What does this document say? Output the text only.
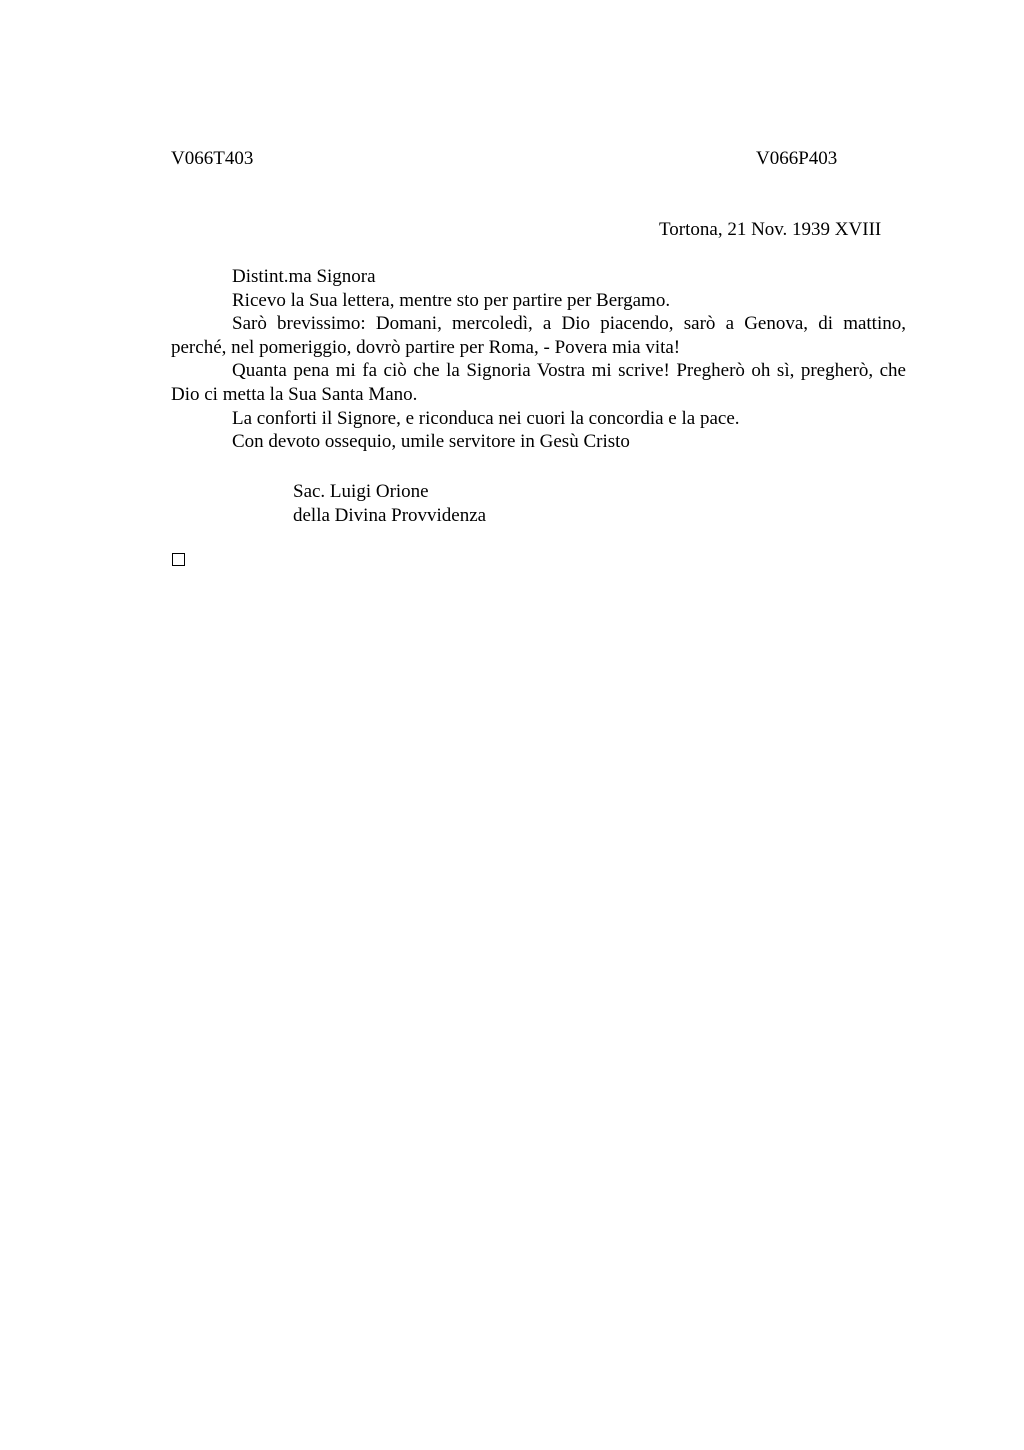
V066T403	V066P403
Tortona, 21 Nov. 1939 XVIII

Distint.ma Signora

Ricevo la Sua lettera, mentre sto per partire per Bergamo.

Sarò brevissimo: Domani, mercoledì, a Dio piacendo, sarò a Genova, di mattino, perché, nel pomeriggio, dovrò partire per Roma, - Povera mia vita!

Quanta pena mi fa ciò che la Signoria Vostra mi scrive! Pregherò oh sì, pregherò, che Dio ci metta la Sua Santa Mano.

La conforti il Signore, e riconduca nei cuori la concordia e la pace.

Con devoto ossequio, umile servitore in Gesù Cristo

Sac. Luigi Orione
della Divina Provvidenza
